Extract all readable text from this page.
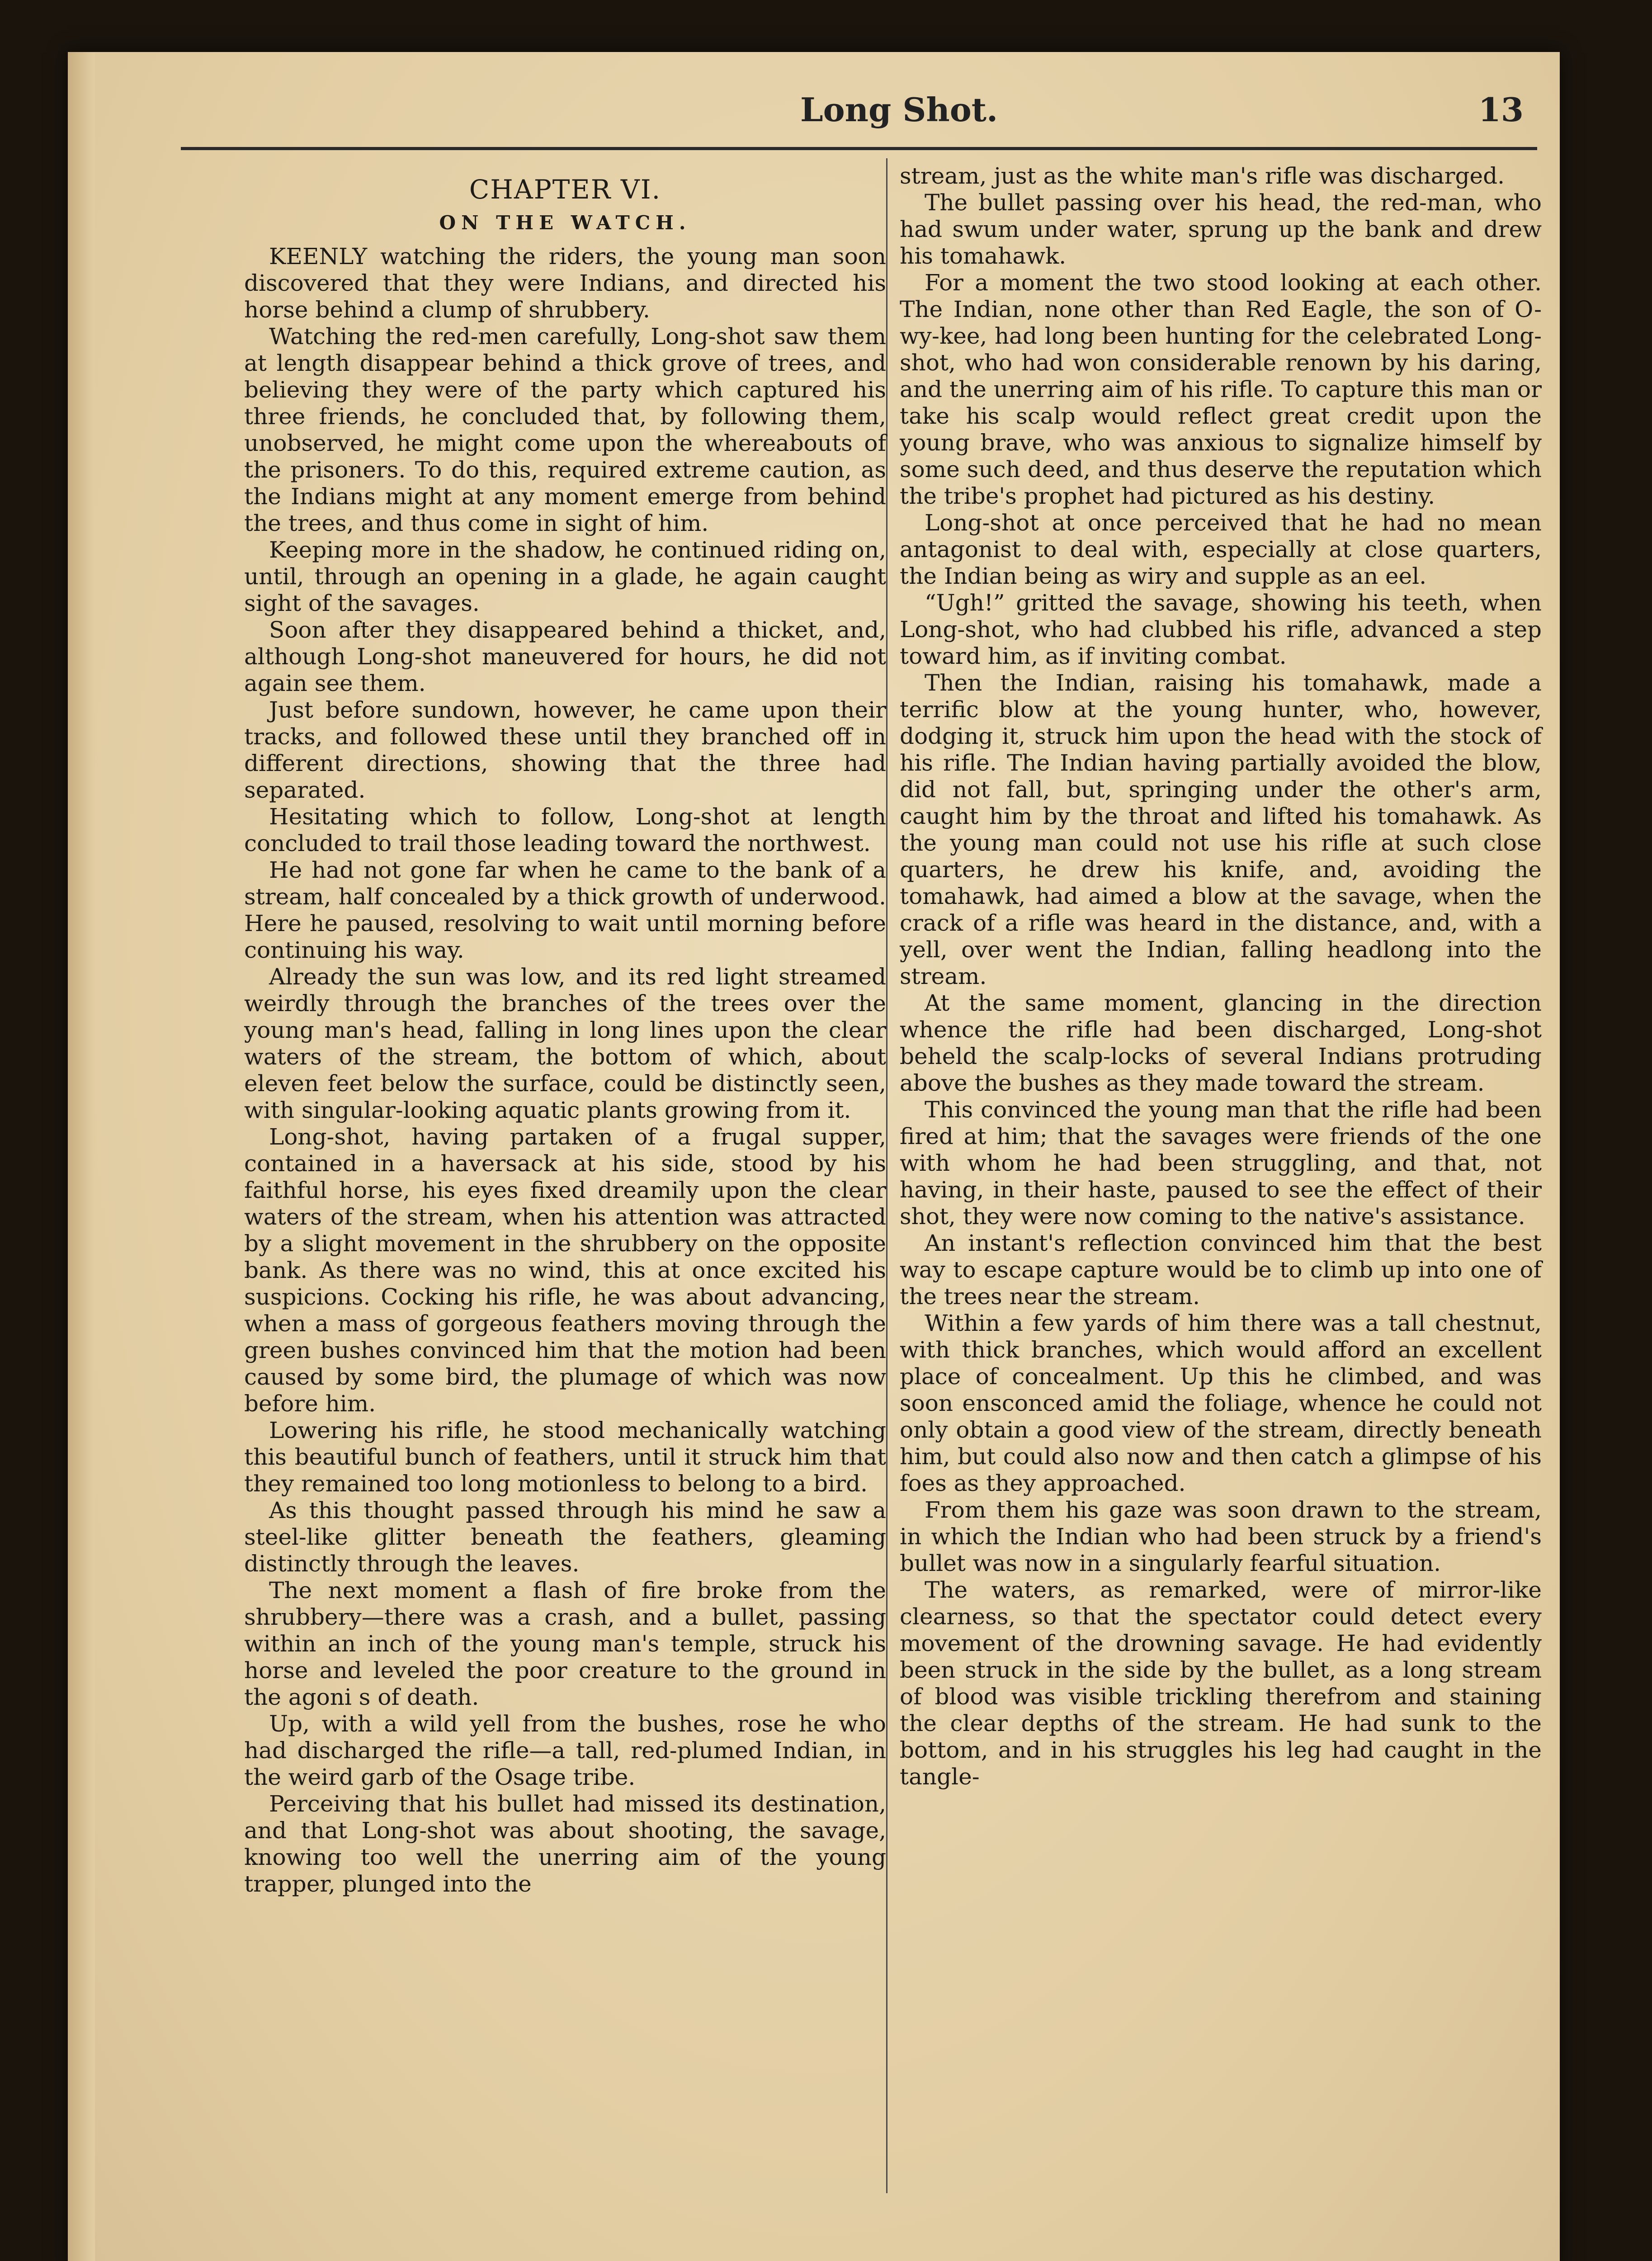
Long Shot.	13
CHAPTER VI.
ON THE WATCH.

KEENLY watching the riders, the young man soon discovered that they were Indians, and directed his horse behind a clump of shrubbery.

Watching the red-men carefully, Long-shot saw them at length disappear behind a thick grove of trees, and believing they were of the party which captured his three friends, he concluded that, by following them, unobserved, he might come upon the whereabouts of the prisoners. To do this, required extreme caution, as the Indians might at any moment emerge from behind the trees, and thus come in sight of him.

Keeping more in the shadow, he continued riding on, until, through an opening in a glade, he again caught sight of the savages.

Soon after they disappeared behind a thicket, and, although Long-shot maneuvered for hours, he did not again see them.

Just before sundown, however, he came upon their tracks, and followed these until they branched off in different directions, showing that the three had separated.

Hesitating which to follow, Long-shot at length concluded to trail those leading toward the northwest.

He had not gone far when he came to the bank of a stream, half concealed by a thick growth of underwood. Here he paused, resolving to wait until morning before continuing his way.

Already the sun was low, and its red light streamed weirdly through the branches of the trees over the young man's head, falling in long lines upon the clear waters of the stream, the bottom of which, about eleven feet below the surface, could be distinctly seen, with singular-looking aquatic plants growing from it.

Long-shot, having partaken of a frugal supper, contained in a haversack at his side, stood by his faithful horse, his eyes fixed dreamily upon the clear waters of the stream, when his attention was attracted by a slight movement in the shrubbery on the opposite bank. As there was no wind, this at once excited his suspicions. Cocking his rifle, he was about advancing, when a mass of gorgeous feathers moving through the green bushes convinced him that the motion had been caused by some bird, the plumage of which was now before him.

Lowering his rifle, he stood mechanically watching this beautiful bunch of feathers, until it struck him that they remained too long motionless to belong to a bird.

As this thought passed through his mind he saw a steel-like glitter beneath the feathers, gleaming distinctly through the leaves.

The next moment a flash of fire broke from the shrubbery—there was a crash, and a bullet, passing within an inch of the young man's temple, struck his horse and leveled the poor creature to the ground in the agoni s of death.

Up, with a wild yell from the bushes, rose he who had discharged the rifle—a tall, red-plumed Indian, in the weird garb of the Osage tribe.

Perceiving that his bullet had missed its destination, and that Long-shot was about shooting, the savage, knowing too well the unerring aim of the young trapper, plunged into the

stream, just as the white man's rifle was discharged.

The bullet passing over his head, the red-man, who had swum under water, sprung up the bank and drew his tomahawk.

For a moment the two stood looking at each other. The Indian, none other than Red Eagle, the son of O-wy-kee, had long been hunting for the celebrated Long-shot, who had won considerable renown by his daring, and the unerring aim of his rifle. To capture this man or take his scalp would reflect great credit upon the young brave, who was anxious to signalize himself by some such deed, and thus deserve the reputation which the tribe's prophet had pictured as his destiny.

Long-shot at once perceived that he had no mean antagonist to deal with, especially at close quarters, the Indian being as wiry and supple as an eel.

“Ugh!” gritted the savage, showing his teeth, when Long-shot, who had clubbed his rifle, advanced a step toward him, as if inviting combat.

Then the Indian, raising his tomahawk, made a terrific blow at the young hunter, who, however, dodging it, struck him upon the head with the stock of his rifle. The Indian having partially avoided the blow, did not fall, but, springing under the other's arm, caught him by the throat and lifted his tomahawk. As the young man could not use his rifle at such close quarters, he drew his knife, and, avoiding the tomahawk, had aimed a blow at the savage, when the crack of a rifle was heard in the distance, and, with a yell, over went the Indian, falling headlong into the stream.

At the same moment, glancing in the direction whence the rifle had been discharged, Long-shot beheld the scalp-locks of several Indians protruding above the bushes as they made toward the stream.

This convinced the young man that the rifle had been fired at him; that the savages were friends of the one with whom he had been struggling, and that, not having, in their haste, paused to see the effect of their shot, they were now coming to the native's assistance.

An instant's reflection convinced him that the best way to escape capture would be to climb up into one of the trees near the stream.

Within a few yards of him there was a tall chestnut, with thick branches, which would afford an excellent place of concealment. Up this he climbed, and was soon ensconced amid the foliage, whence he could not only obtain a good view of the stream, directly beneath him, but could also now and then catch a glimpse of his foes as they approached.

From them his gaze was soon drawn to the stream, in which the Indian who had been struck by a friend's bullet was now in a singularly fearful situation.

The waters, as remarked, were of mirror-like clearness, so that the spectator could detect every movement of the drowning savage. He had evidently been struck in the side by the bullet, as a long stream of blood was visible trickling therefrom and staining the clear depths of the stream. He had sunk to the bottom, and in his struggles his leg had caught in the tangle-
